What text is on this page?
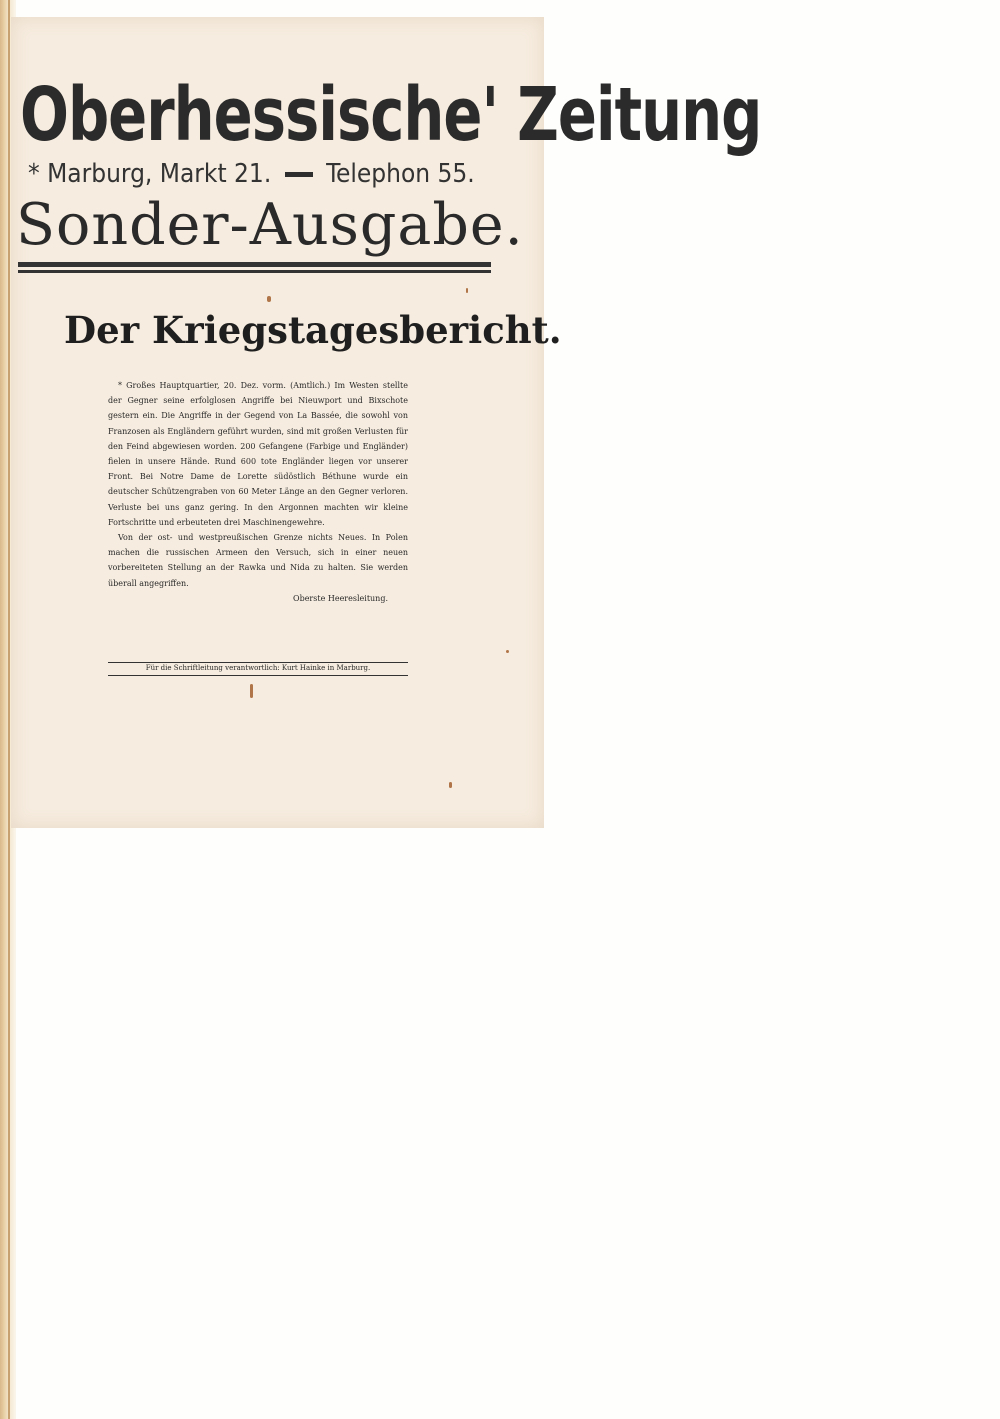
Oberhessische' Zeitung
* Marburg, Markt 21. Telephon 55.
Sonder-Ausgabe.
Der Kriegstagesbericht.

* Großes Hauptquartier, 20. Dez. vorm. (Amtlich.) Im Westen stellte der Gegner seine erfolglosen Angriffe bei Nieuwport und Bixschote gestern ein. Die Angriffe in der Gegend von La Bassée, die sowohl von Franzosen als Engländern geführt wurden, sind mit großen Verlusten für den Feind abgewiesen worden. 200 Gefangene (Farbige und Engländer) fielen in unsere Hände. Rund 600 tote Engländer liegen vor unserer Front. Bei Notre Dame de Lorette südöstlich Béthune wurde ein deutscher Schützengraben von 60 Meter Länge an den Gegner verloren. Verluste bei uns ganz gering. In den Argonnen machten wir kleine Fortschritte und erbeuteten drei Maschinengewehre.

Von der ost- und westpreußischen Grenze nichts Neues. In Polen machen die russischen Armeen den Versuch, sich in einer neuen vorbereiteten Stellung an der Rawka und Nida zu halten. Sie werden überall angegriffen.

Oberste Heeresleitung.

Für die Schriftleitung verantwortlich: Kurt Hainke in Marburg.
